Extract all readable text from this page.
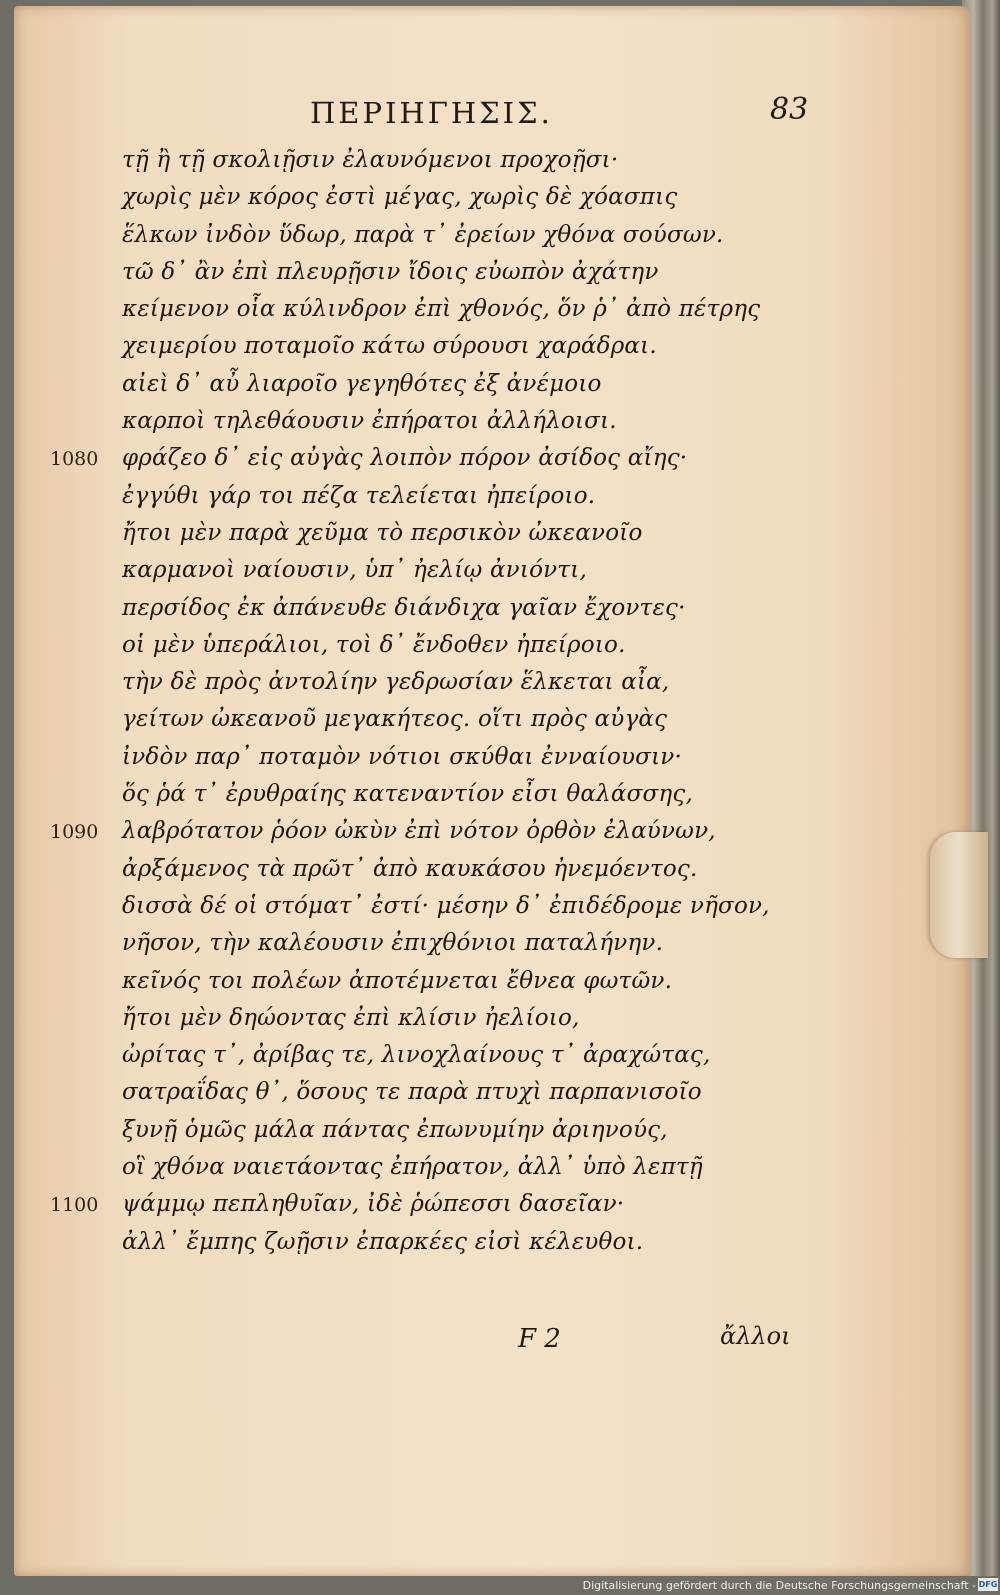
ΠΕΡΙΗΓΗΣΙΣ.	83
τῇ ἢ τῇ σκολιῇσιν ἐλαυνόμενοι προχοῇσι·
χωρὶς μὲν κόρος ἐστὶ μέγας, χωρὶς δὲ χόασπις
ἕλκων ἰνδὸν ὕδωρ, παρὰ τ᾽ ἐρείων χθόνα σούσων.
τῶ δ᾽ ἂν ἐπὶ πλευρῇσιν ἴδοις εὐωπὸν ἀχάτην
κείμενον οἷα κύλινδρον ἐπὶ χθονός, ὅν ῥ᾽ ἀπὸ πέτρης
χειμερίου ποταμοῖο κάτω σύρουσι χαράδραι.
αἰεὶ δ᾽ αὖ λιαροῖο γεγηθότες ἐξ ἀνέμοιο
καρποὶ τηλεθάουσιν ἐπήρατοι ἀλλήλοισι.
φράζεο δ᾽ εἰς αὐγὰς λοιπὸν πόρον ἀσίδος αἴης·
ἐγγύθι γάρ τοι πέζα τελείεται ἠπείροιο.
ἤτοι μὲν παρὰ χεῦμα τὸ περσικὸν ὠκεανοῖο
καρμανοὶ ναίουσιν, ὑπ᾽ ἠελίῳ ἀνιόντι,
περσίδος ἐκ ἀπάνευθε διάνδιχα γαῖαν ἔχοντες·
οἱ μὲν ὑπεράλιοι, τοὶ δ᾽ ἔνδοθεν ἠπείροιο.
τὴν δὲ πρὸς ἀντολίην γεδρωσίαν ἕλκεται αἶα,
γείτων ὠκεανοῦ μεγακήτεος. οἵτι πρὸς αὐγὰς
ἰνδὸν παρ᾽ ποταμὸν νότιοι σκύθαι ἐνναίουσιν·
ὅς ῥά τ᾽ ἐρυθραίης κατεναντίον εἶσι θαλάσσης,
λαβρότατον ῥόον ὠκὺν ἐπὶ νότον ὀρθὸν ἐλαύνων,
ἀρξάμενος τὰ πρῶτ᾽ ἀπὸ καυκάσου ἠνεμόεντος.
δισσὰ δέ οἱ στόματ᾽ ἐστί· μέσην δ᾽ ἐπιδέδρομε νῆσον,
νῆσον, τὴν καλέουσιν ἐπιχθόνιοι παταλήνην.
κεῖνός τοι πολέων ἀποτέμνεται ἔθνεα φωτῶν.
ἤτοι μὲν δηώοντας ἐπὶ κλίσιν ἠελίοιο,
ὠρίτας τ᾽, ἀρίβας τε, λινοχλαίνους τ᾽ ἀραχώτας,
σατραΐδας θ᾽, ὅσους τε παρὰ πτυχὶ παρπανισοῖο
ξυνῇ ὁμῶς μάλα πάντας ἐπωνυμίην ἀριηνούς,
οἳ χθόνα ναιετάοντας ἐπήρατον, ἀλλ᾽ ὑπὸ λεπτῇ
ψάμμῳ πεπληθυῖαν, ἰδὲ ῥώπεσσι δασεῖαν·
ἀλλ᾽ ἔμπης ζωῇσιν ἐπαρκέες εἰσὶ κέλευθοι.
1080
1090
1100
F 2	ἄλλοι
Digitalisierung gefördert durch die Deutsche Forschungsgemeinschaft - DFG
